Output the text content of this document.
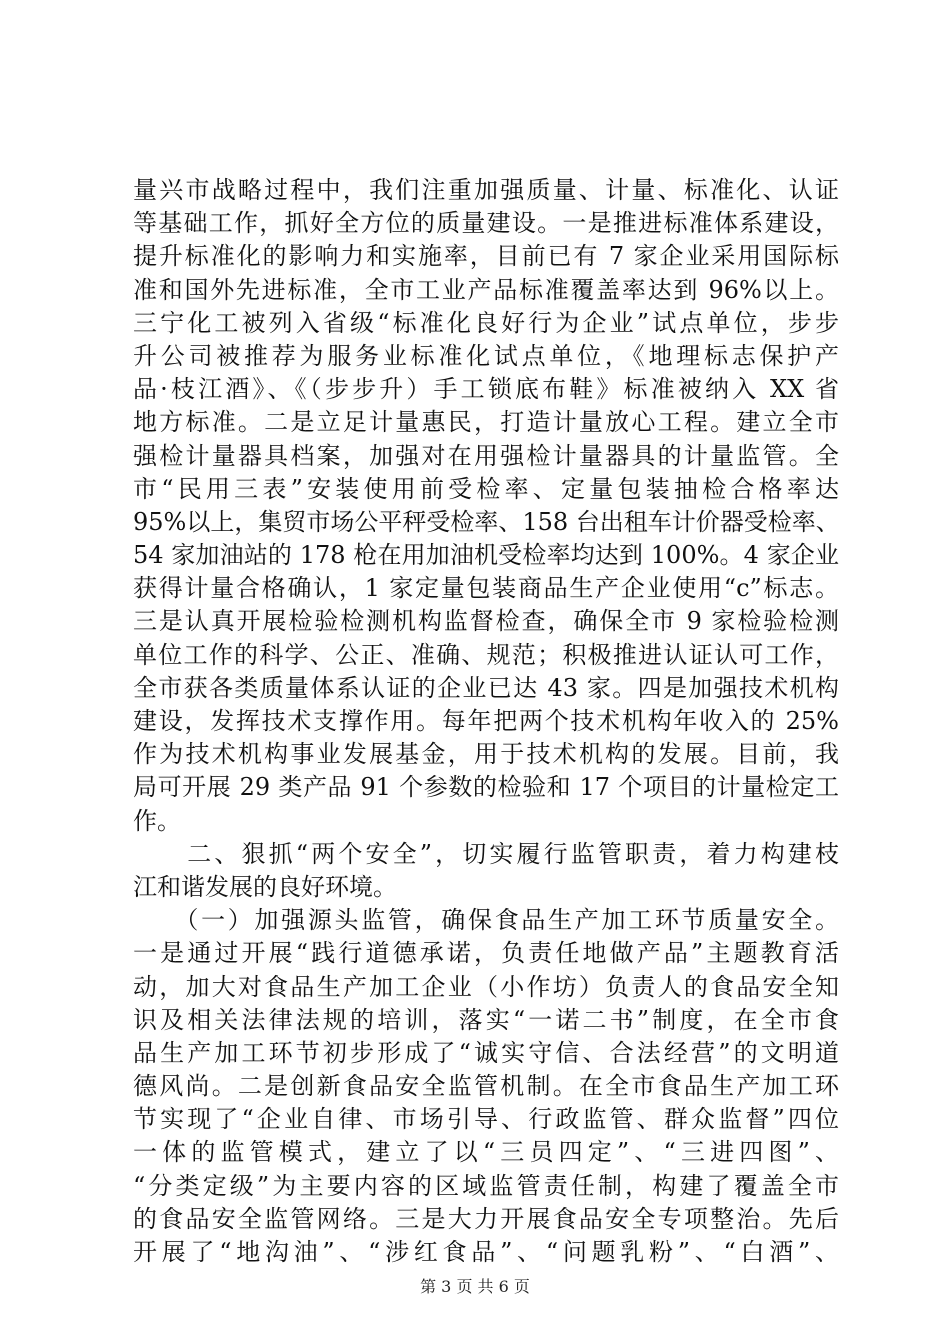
量兴市战略过程中，我们注重加强质量、计量、标准化、认证
等基础工作，抓好全方位的质量建设。一是推进标准体系建设，
提升标准化的影响力和实施率，目前已有 7 家企业采用国际标
准和国外先进标准，全市工业产品标准覆盖率达到 96%以上。
三宁化工被列入省级“标准化良好行为企业”试点单位，步步
升公司被推荐为服务业标准化试点单位，《地理标志保护产
品·枝江酒》、《（步步升）手工锁底布鞋》标准被纳入 XX 省
地方标准。二是立足计量惠民，打造计量放心工程。建立全市
强检计量器具档案，加强对在用强检计量器具的计量监管。全
市“民用三表”安装使用前受检率、定量包装抽检合格率达
95%以上，集贸市场公平秤受检率、158 台出租车计价器受检率、
54 家加油站的 178 枪在用加油机受检率均达到 100%。4 家企业
获得计量合格确认，1 家定量包装商品生产企业使用“c”标志。
三是认真开展检验检测机构监督检查，确保全市 9 家检验检测
单位工作的科学、公正、准确、规范；积极推进认证认可工作，
全市获各类质量体系认证的企业已达 43 家。四是加强技术机构
建设，发挥技术支撑作用。每年把两个技术机构年收入的 25%
作为技术机构事业发展基金，用于技术机构的发展。目前，我
局可开展 29 类产品 91 个参数的检验和 17 个项目的计量检定工
作。
　　二、狠抓“两个安全”，切实履行监管职责，着力构建枝
江和谐发展的良好环境。
　　（一）加强源头监管，确保食品生产加工环节质量安全。
一是通过开展“践行道德承诺，负责任地做产品”主题教育活
动，加大对食品生产加工企业（小作坊）负责人的食品安全知
识及相关法律法规的培训，落实“一诺二书”制度，在全市食
品生产加工环节初步形成了“诚实守信、合法经营”的文明道
德风尚。二是创新食品安全监管机制。在全市食品生产加工环
节实现了“企业自律、市场引导、行政监管、群众监督”四位
一体的监管模式，建立了以“三员四定”、“三进四图”、
“分类定级”为主要内容的区域监管责任制，构建了覆盖全市
的食品安全监管网络。三是大力开展食品安全专项整治。先后
开展了“地沟油”、“涉红食品”、“问题乳粉”、“白酒”、
第 3 页 共 6 页
